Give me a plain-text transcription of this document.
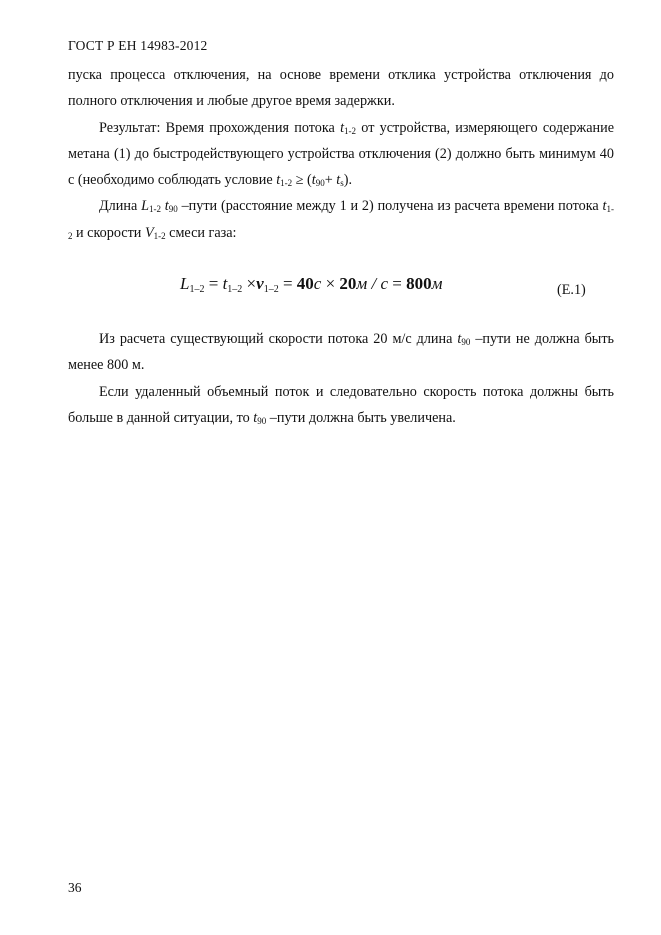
ГОСТ Р ЕН 14983-2012

пуска процесса отключения, на основе времени отклика устройства отключения до полного отключения и любые другое время задержки.

Результат: Время прохождения потока $t_{1-2}$ от устройства, измеряющего содержание метана (1) до быстродействующего устройства отключения (2) должно быть минимум 40 с (необходимо соблюдать условие $t_{1-2} \ge (t_{90}+ t_s)$.

Длина $L_{1-2}$ $t_{90}$ –пути (расстояние между 1 и 2) получена из расчета времени потока $t_{1-2}$ и скорости $V_{1-2}$ смеси газа:

$L_{1-2} = t_{1-2} \times v_{1-2} = 40с \times 20м / с = 800м$	(Е.1)

Из расчета существующий скорости потока 20 м/с длина $t_{90}$ –пути не должна быть менее 800 м.

Если удаленный объемный поток и следовательно скорость потока должны быть больше в данной ситуации, то $t_{90}$ –пути должна быть увеличена.

36
